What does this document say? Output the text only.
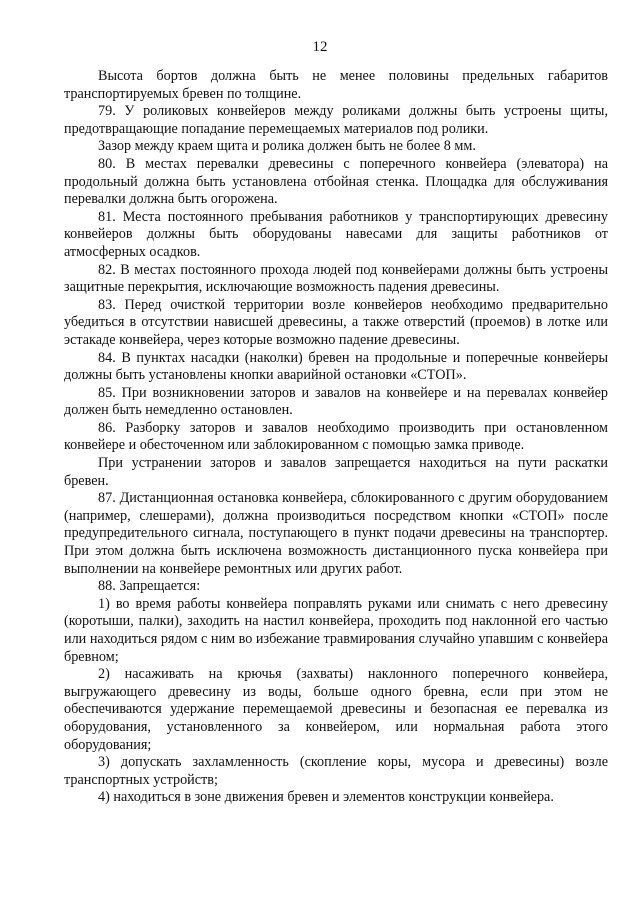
12

Высота бортов должна быть не менее половины предельных габаритов транспортируемых бревен по толщине.

79. У роликовых конвейеров между роликами должны быть устроены щиты, предотвращающие попадание перемещаемых материалов под ролики.

Зазор между краем щита и ролика должен быть не более 8 мм.

80. В местах перевалки древесины с поперечного конвейера (элеватора) на продольный должна быть установлена отбойная стенка. Площадка для обслуживания перевалки должна быть огорожена.

81. Места постоянного пребывания работников у транспортирующих древесину конвейеров должны быть оборудованы навесами для защиты работников от атмосферных осадков.

82. В местах постоянного прохода людей под конвейерами должны быть устроены защитные перекрытия, исключающие возможность падения древесины.

83. Перед очисткой территории возле конвейеров необходимо предварительно убедиться в отсутствии нависшей древесины, а также отверстий (проемов) в лотке или эстакаде конвейера, через которые возможно падение древесины.

84. В пунктах насадки (наколки) бревен на продольные и поперечные конвейеры должны быть установлены кнопки аварийной остановки «СТОП».

85. При возникновении заторов и завалов на конвейере и на перевалах конвейер должен быть немедленно остановлен.

86. Разборку заторов и завалов необходимо производить при остановленном конвейере и обесточенном или заблокированном с помощью замка приводе.

При устранении заторов и завалов запрещается находиться на пути раскатки бревен.

87. Дистанционная остановка конвейера, сблокированного с другим оборудованием (например, слешерами), должна производиться посредством кнопки «СТОП» после предупредительного сигнала, поступающего в пункт подачи древесины на транспортер. При этом должна быть исключена возможность дистанционного пуска конвейера при выполнении на конвейере ремонтных или других работ.

88. Запрещается:

1) во время работы конвейера поправлять руками или снимать с него древесину (коротыши, палки), заходить на настил конвейера, проходить под наклонной его частью или находиться рядом с ним во избежание травмирования случайно упавшим с конвейера бревном;

2) насаживать на крючья (захваты) наклонного поперечного конвейера, выгружающего древесину из воды, больше одного бревна, если при этом не обеспечиваются удержание перемещаемой древесины и безопасная ее перевалка из оборудования, установленного за конвейером, или нормальная работа этого оборудования;

3) допускать захламленность (скопление коры, мусора и древесины) возле транспортных устройств;

4) находиться в зоне движения бревен и элементов конструкции конвейера.
